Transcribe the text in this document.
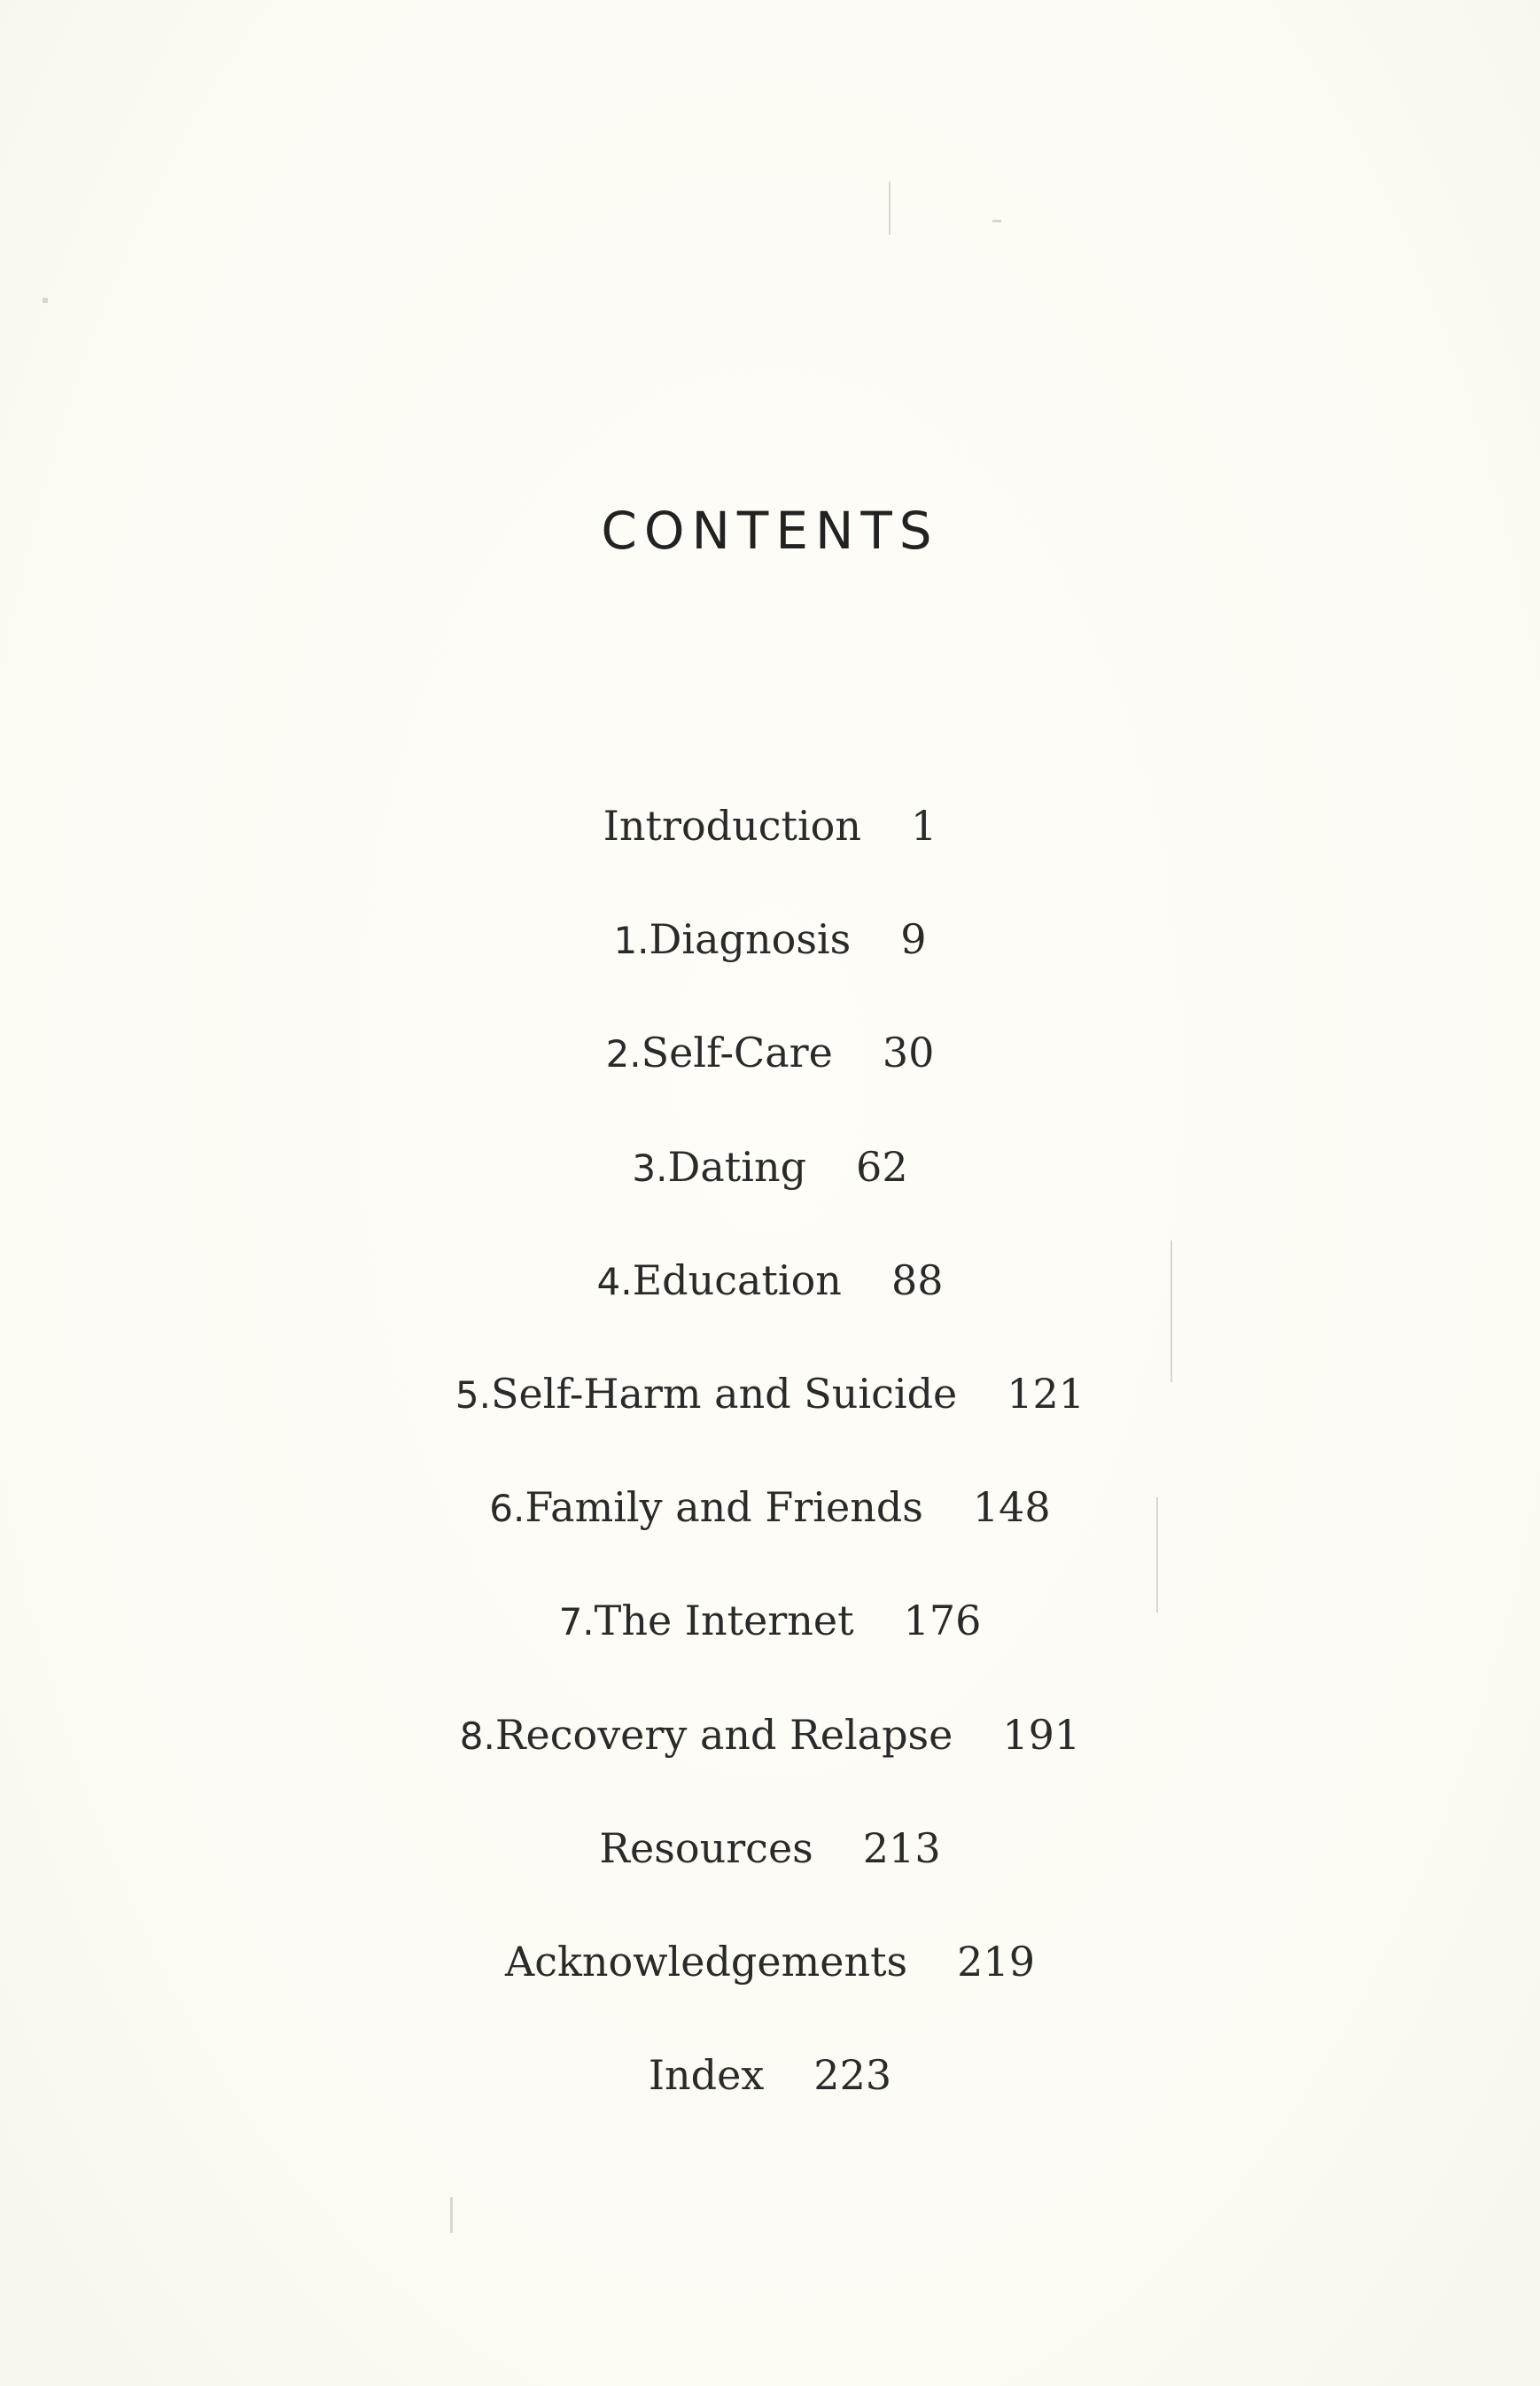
CONTENTS
Introduction 1
1. Diagnosis 9
2. Self-Care 30
3. Dating 62
4. Education 88
5. Self-Harm and Suicide 121
6. Family and Friends 148
7. The Internet 176
8. Recovery and Relapse 191
Resources 213
Acknowledgements 219
Index 223
